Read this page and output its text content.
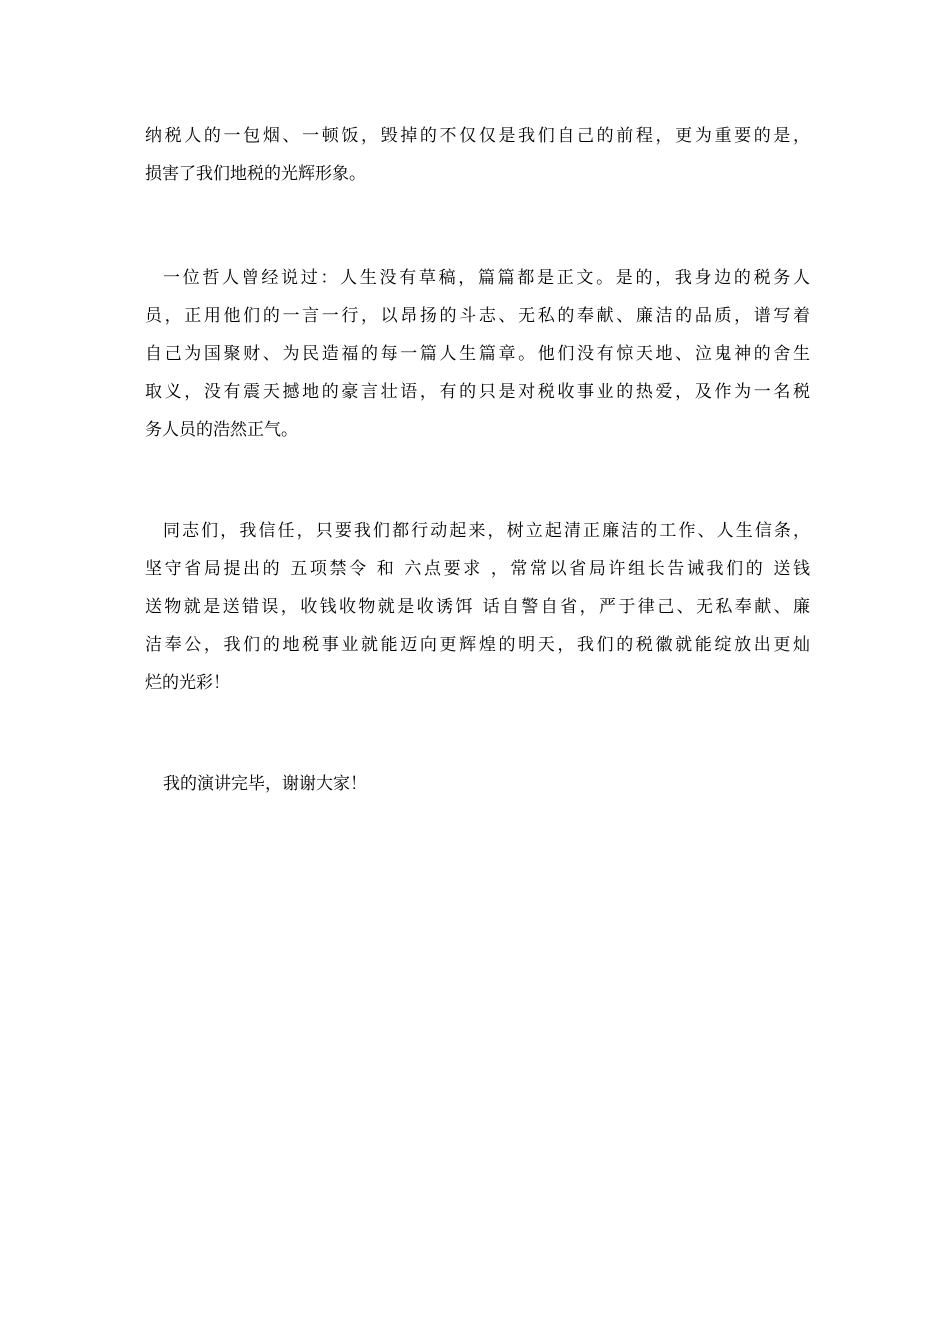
纳税人的一包烟、一顿饭，毁掉的不仅仅是我们自己的前程，更为重要的是，
损害了我们地税的光辉形象。
一位哲人曾经说过：人生没有草稿，篇篇都是正文。是的，我身边的税务人
员，正用他们的一言一行，以昂扬的斗志、无私的奉献、廉洁的品质，谱写着
自己为国聚财、为民造福的每一篇人生篇章。他们没有惊天地、泣鬼神的舍生
取义，没有震天撼地的豪言壮语，有的只是对税收事业的热爱，及作为一名税
务人员的浩然正气。
同志们，我信任，只要我们都行动起来，树立起清正廉洁的工作、人生信条，
坚守省局提出的 五项禁令 和 六点要求 ，常常以省局许组长告诫我们的 送钱
送物就是送错误，收钱收物就是收诱饵 话自警自省，严于律己、无私奉献、廉
洁奉公，我们的地税事业就能迈向更辉煌的明天，我们的税徽就能绽放出更灿
烂的光彩！
我的演讲完毕，谢谢大家！
